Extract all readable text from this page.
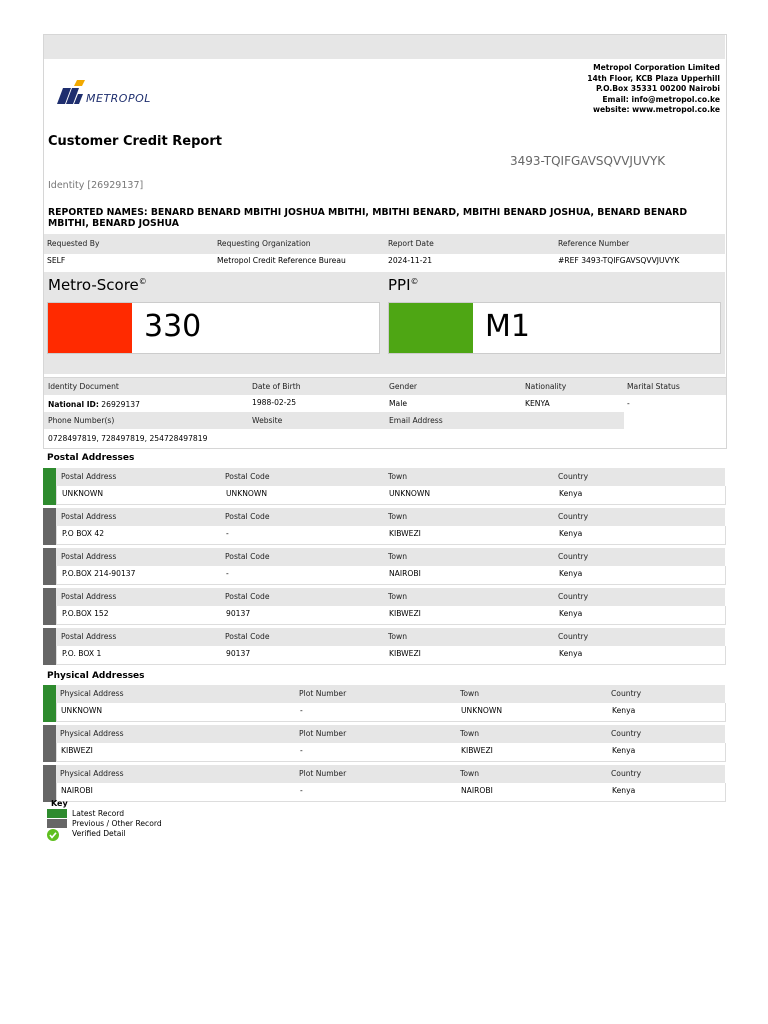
METROPOL
Metropol Corporation Limited
14th Floor, KCB Plaza Upperhill
P.O.Box 35331 00200 Nairobi
Email: info@metropol.co.ke
website: www.metropol.co.ke
Customer Credit Report
3493-TQIFGAVSQVVJUVYK
Identity [26929137]
REPORTED NAMES: BENARD BENARD MBITHI JOSHUA MBITHI, MBITHI BENARD, MBITHI BENARD JOSHUA, BENARD BENARD MBITHI, BENARD JOSHUA
Requested By	Requesting Organization	Report Date	Reference Number
SELF	Metropol Credit Reference Bureau	2024-11-21	#REF 3493-TQIFGAVSQVVJUVYK
Metro-Score©
330
PPI©
M1
Identity Document	Date of Birth	Gender	Nationality	Marital Status
National ID: 26929137	1988-02-25	Male	KENYA	-
Phone Number(s)	Website	Email Address
0728497819, 728497819, 254728497819
Postal Addresses
Postal Address	Postal Code	Town	Country
UNKNOWN	UNKNOWN	UNKNOWN	Kenya
Postal Address	Postal Code	Town	Country
P.O BOX 42	-	KIBWEZI	Kenya
Postal Address	Postal Code	Town	Country
P.O.BOX 214-90137	-	NAIROBI	Kenya
Postal Address	Postal Code	Town	Country
P.O.BOX 152	90137	KIBWEZI	Kenya
Postal Address	Postal Code	Town	Country
P.O. BOX 1	90137	KIBWEZI	Kenya
Physical Addresses
Physical Address	Plot Number	Town	Country
UNKNOWN	-	UNKNOWN	Kenya
Physical Address	Plot Number	Town	Country
KIBWEZI	-	KIBWEZI	Kenya
Physical Address	Plot Number	Town	Country
NAIROBI	-	NAIROBI	Kenya
Key
Latest Record
Previous / Other Record
Verified Detail
